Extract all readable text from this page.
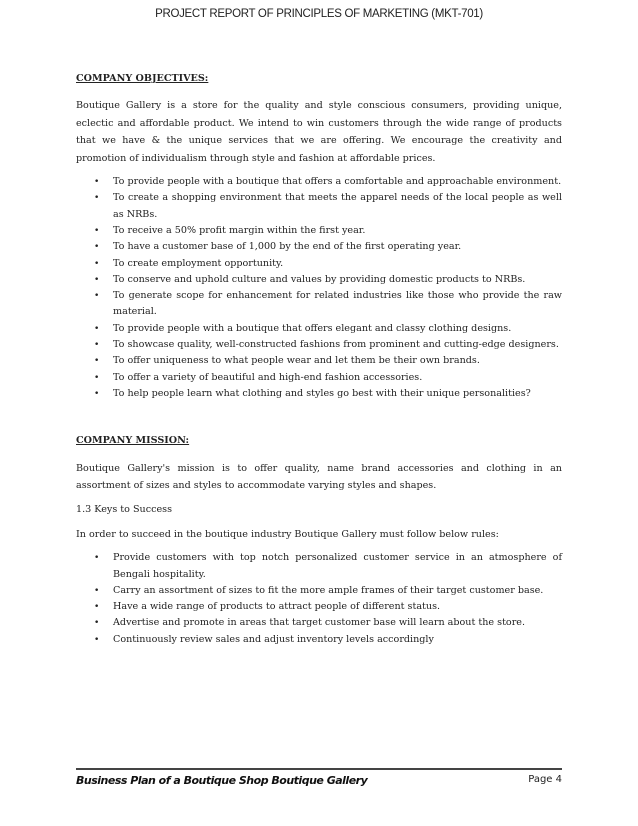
PROJECT REPORT OF PRINCIPLES OF MARKETING (MKT-701)
COMPANY OBJECTIVES:
Boutique Gallery is a store for the quality and style conscious consumers, providing unique, eclectic and affordable product. We intend to win customers through the wide range of products that we have & the unique services that we are offering. We encourage the creativity and promotion of individualism through style and fashion at affordable prices.
• To provide people with a boutique that offers a comfortable and approachable environment.
• To create a shopping environment that meets the apparel needs of the local people as well as NRBs.
• To receive a 50% profit margin within the first year.
• To have a customer base of 1,000 by the end of the first operating year.
• To create employment opportunity.
• To conserve and uphold culture and values by providing domestic products to NRBs.
• To generate scope for enhancement for related industries like those who provide the raw material.
• To provide people with a boutique that offers elegant and classy clothing designs.
• To showcase quality, well-constructed fashions from prominent and cutting-edge designers.
• To offer uniqueness to what people wear and let them be their own brands.
• To offer a variety of beautiful and high-end fashion accessories.
• To help people learn what clothing and styles go best with their unique personalities?
COMPANY MISSION:
Boutique Gallery's mission is to offer quality, name brand accessories and clothing in an assortment of sizes and styles to accommodate varying styles and shapes.
1.3 Keys to Success
In order to succeed in the boutique industry Boutique Gallery must follow below rules:
• Provide customers with top notch personalized customer service in an atmosphere of Bengali hospitality.
• Carry an assortment of sizes to fit the more ample frames of their target customer base.
• Have a wide range of products to attract people of different status.
• Advertise and promote in areas that target customer base will learn about the store.
• Continuously review sales and adjust inventory levels accordingly
Business Plan of a Boutique Shop Boutique Gallery	Page 4
